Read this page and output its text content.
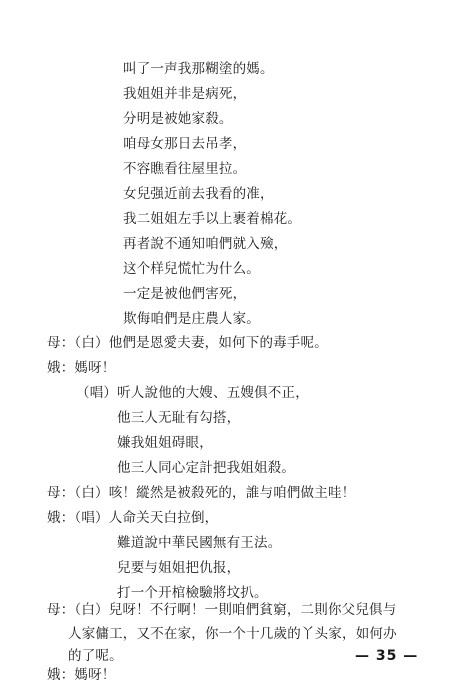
叫了一声我那糊塗的媽。
我姐姐并非是病死，
分明是被她家殺。
咱母女那日去吊孝，
不容瞧看往屋里拉。
女兒强近前去我看的准，
我二姐姐左手以上裹着棉花。
再者說不通知咱們就入殮，
这个样兒慌忙为什么。
一定是被他們害死，
欺侮咱們是庄農人家。
母：（白）他們是恩愛夫妻，如何下的毒手呢。
娥：媽呀！
（唱）听人說他的大嫂、五嫂俱不正，
他三人无耻有勾搭，
嫌我姐姐碍眼，
他三人同心定計把我姐姐殺。
母：（白）咳！縱然是被殺死的，誰与咱們做主哇！
娥：（唱）人命关天白拉倒，
難道說中華民國無有王法。
兒要与姐姐把仇报，
打一个开棺檢驗將坟扒。
母：（白）兒呀！不行啊！一則咱們貧窮，二則你父兒俱与
人家傭工，又不在家，你一个十几歲的丫头家，如何办
的了呢。
娥：媽呀！
— 35 —
